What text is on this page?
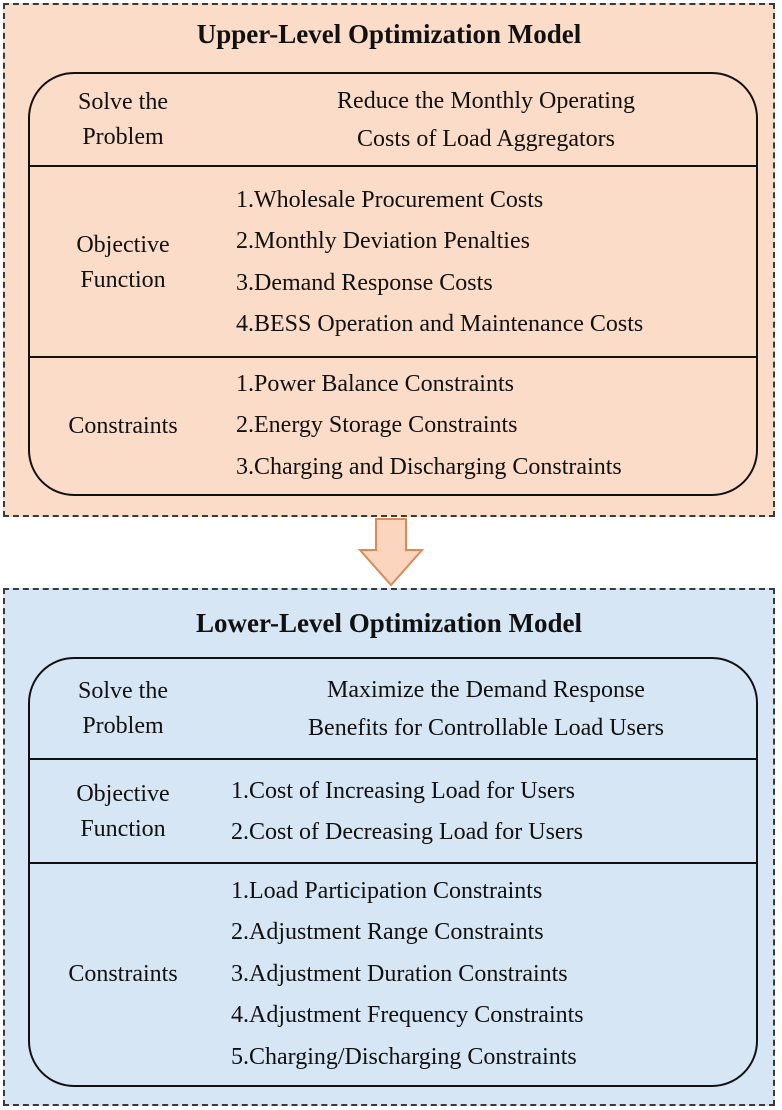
Upper-Level Optimization Model
Solve the
Problem
Reduce the Monthly Operating
Costs of Load Aggregators
Objective
Function
1.Wholesale Procurement Costs
2.Monthly Deviation Penalties
3.Demand Response Costs
4.BESS Operation and Maintenance Costs
Constraints
1.Power Balance Constraints
2.Energy Storage Constraints
3.Charging and Discharging Constraints
Lower-Level Optimization Model
Solve the
Problem
Maximize the Demand Response
Benefits for Controllable Load Users
Objective
Function
1.Cost of Increasing Load for Users
2.Cost of Decreasing Load for Users
Constraints
1.Load Participation Constraints
2.Adjustment Range Constraints
3.Adjustment Duration Constraints
4.Adjustment Frequency Constraints
5.Charging/Discharging Constraints
